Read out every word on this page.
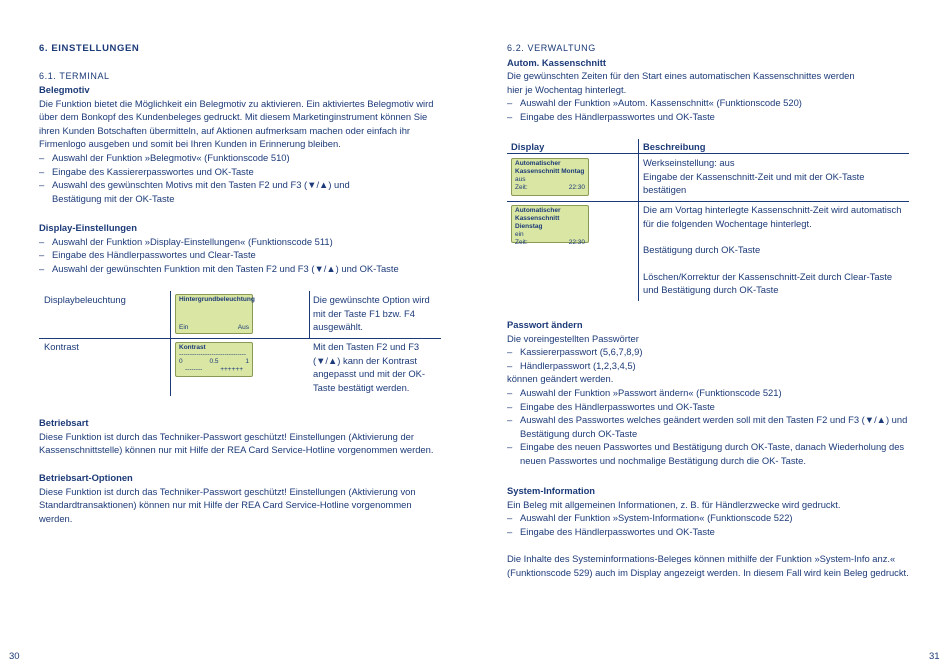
6. EINSTELLUNGEN
6.1. TERMINAL
Belegmotiv

Die Funktion bietet die Möglichkeit ein Belegmotiv zu aktivieren. Ein aktiviertes Belegmotiv wird über dem Bonkopf des Kundenbeleges gedruckt. Mit diesem Marketinginstrument können Sie ihren Kunden Botschaften übermitteln, auf Aktionen aufmerksam machen oder einfach ihr Firmenlogo ausgeben und somit bei Ihren Kunden in Erinnerung bleiben.

– Auswahl der Funktion »Belegmotiv« (Funktionscode 510)
– Eingabe des Kassiererpasswortes und OK-Taste
– Auswahl des gewünschten Motivs mit den Tasten F2 und F3 (▼/▲) und Bestätigung mit der OK-Taste
Display-Einstellungen
– Auswahl der Funktion »Display-Einstellungen« (Funktionscode 511)
– Eingabe des Händlerpasswortes und Clear-Taste
– Auswahl der gewünschten Funktion mit den Tasten F2 und F3 (▼/▲) und OK-Taste
Displaybeleuchtung	Hintergrundbeleuchtung
Ein	Aus
Die gewünschte Option wird mit der Taste F1 bzw. F4 ausgewählt.
Kontrast	Kontrast
-------------------------------
0	0.5	1
--------	++++++
Mit den Tasten F2 und F3 (▼/▲) kann der Kontrast angepasst und mit der OK-Taste bestätigt werden.
Betriebsart

Diese Funktion ist durch das Techniker-Passwort geschützt! Einstellungen (Aktivierung der Kassenschnittstelle) können nur mit Hilfe der REA Card Service-Hotline vorgenommen werden.

Betriebsart-Optionen

Diese Funktion ist durch das Techniker-Passwort geschützt! Einstellungen (Aktivierung von Standardtransaktionen) können nur mit Hilfe der REA Card Service-Hotline vorgenommen werden.

30
6.2. VERWALTUNG
Autom. Kassenschnitt

Die gewünschten Zeiten für den Start eines automatischen Kassenschnittes werden hier je Wochentag hinterlegt.

– Auswahl der Funktion »Autom. Kassenschnitt« (Funktionscode 520)
– Eingabe des Händlerpasswortes und OK-Taste
Display	Beschreibung
Automatischer
Kassenschnitt Montag
aus
Zeit:	22:30
Werkseinstellung: aus
Eingabe der Kassenschnitt-Zeit und mit der OK-Taste bestätigen
Automatischer
Kassenschnitt Dienstag
ein
Zeit:	22:30
Die am Vortag hinterlegte Kassenschnitt-Zeit wird automatisch für die folgenden Wochentage hinterlegt.
Bestätigung durch OK-Taste
Löschen/Korrektur der Kassenschnitt-Zeit durch Clear-Taste und Bestätigung durch OK-Taste
Passwort ändern

Die voreingestellten Passwörter

– Kassiererpasswort (5,6,7,8,9)
– Händlerpasswort (1,2,3,4,5)

können geändert werden.

– Auswahl der Funktion »Passwort ändern« (Funktionscode 521)
– Eingabe des Händlerpasswortes und OK-Taste
– Auswahl des Passwortes welches geändert werden soll mit den Tasten F2 und F3 (▼/▲) und Bestätigung durch OK-Taste
– Eingabe des neuen Passwortes und Bestätigung durch OK-Taste, danach Wiederholung des neuen Passwortes und nochmalige Bestätigung durch die OK- Taste.
System-Information

Ein Beleg mit allgemeinen Informationen, z. B. für Händlerzwecke wird gedruckt.

– Auswahl der Funktion »System-Information« (Funktionscode 522)
– Eingabe des Händlerpasswortes und OK-Taste

Die Inhalte des Systeminformations-Beleges können mithilfe der Funktion »System-Info anz.« (Funktionscode 529) auch im Display angezeigt werden. In diesem Fall wird kein Beleg gedruckt.

31
